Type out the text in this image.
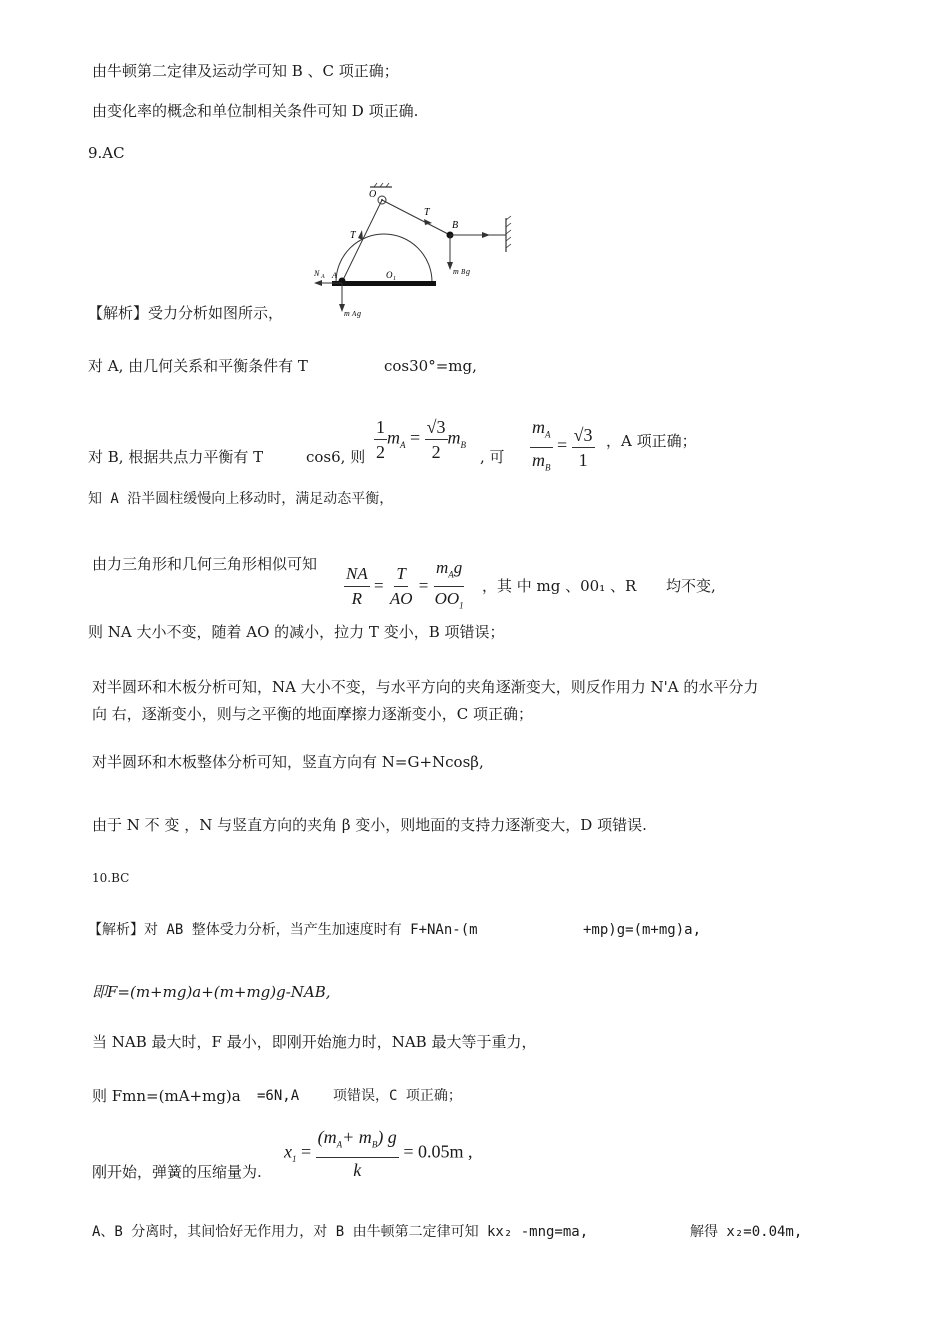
由牛顿第二定律及运动学可知 B 、C 项正确；
由变化率的概念和单位制相关条件可知 D 项正确.
9.AC
O
T
T
B
m B g
O 1
A
N A
m A g
【解析】受力分析如图所示，
对 A, 由几何关系和平衡条件有 T	cos30°=mg,
对 B, 根据共点力平衡有 T	cos6, 则 $\frac{1}{2} m_A = \frac{√3}{2} m_B$
, 可 $\frac{m_A}{m_B} = \frac{√3}{1}$ ，A 项正确；
知 A 沿半圆柱缓慢向上移动时，满足动态平衡，
由力三角形和几何三角形相似可知 $\frac{NA}{R} = \frac{T}{AO} = \frac{m_Ag}{OO_1}$ ，其 中 mg 、00₁ 、R 均不变,
则 NA 大小不变，随着 AO 的减小，拉力 T 变小，B 项错误；
对半圆环和木板分析可知，NA 大小不变，与水平方向的夹角逐渐变大，则反作用力 N'A 的水平分力
向 右，逐渐变小，则与之平衡的地面摩擦力逐渐变小，C 项正确；
对半圆环和木板整体分析可知，竖直方向有 N=G+Ncosβ,
由于 N 不 变 ，N 与竖直方向的夹角 β 变小，则地面的支持力逐渐变大，D 项错误.
10.BC
【解析】对 AB 整体受力分析，当产生加速度时有 F+NAn-(m	+mp)g=(m+mg)a,
即F=(m+mg)a+(m+mg)g-NAB,
当 NAB 最大时，F 最小，即刚开始施力时，NAB 最大等于重力，
则 Fmn=(mA+mg)a =6N,A 项错误，C 项正确；
刚开始，弹簧的压缩量为.
$x_1 = \frac{(m_A+ m_B) g}{k} = 0.05m$ ,
A、B 分离时，其间恰好无作用力，对 B 由牛顿第二定律可知 kx₂ -mng=ma,	解得 x₂=0.04m,
